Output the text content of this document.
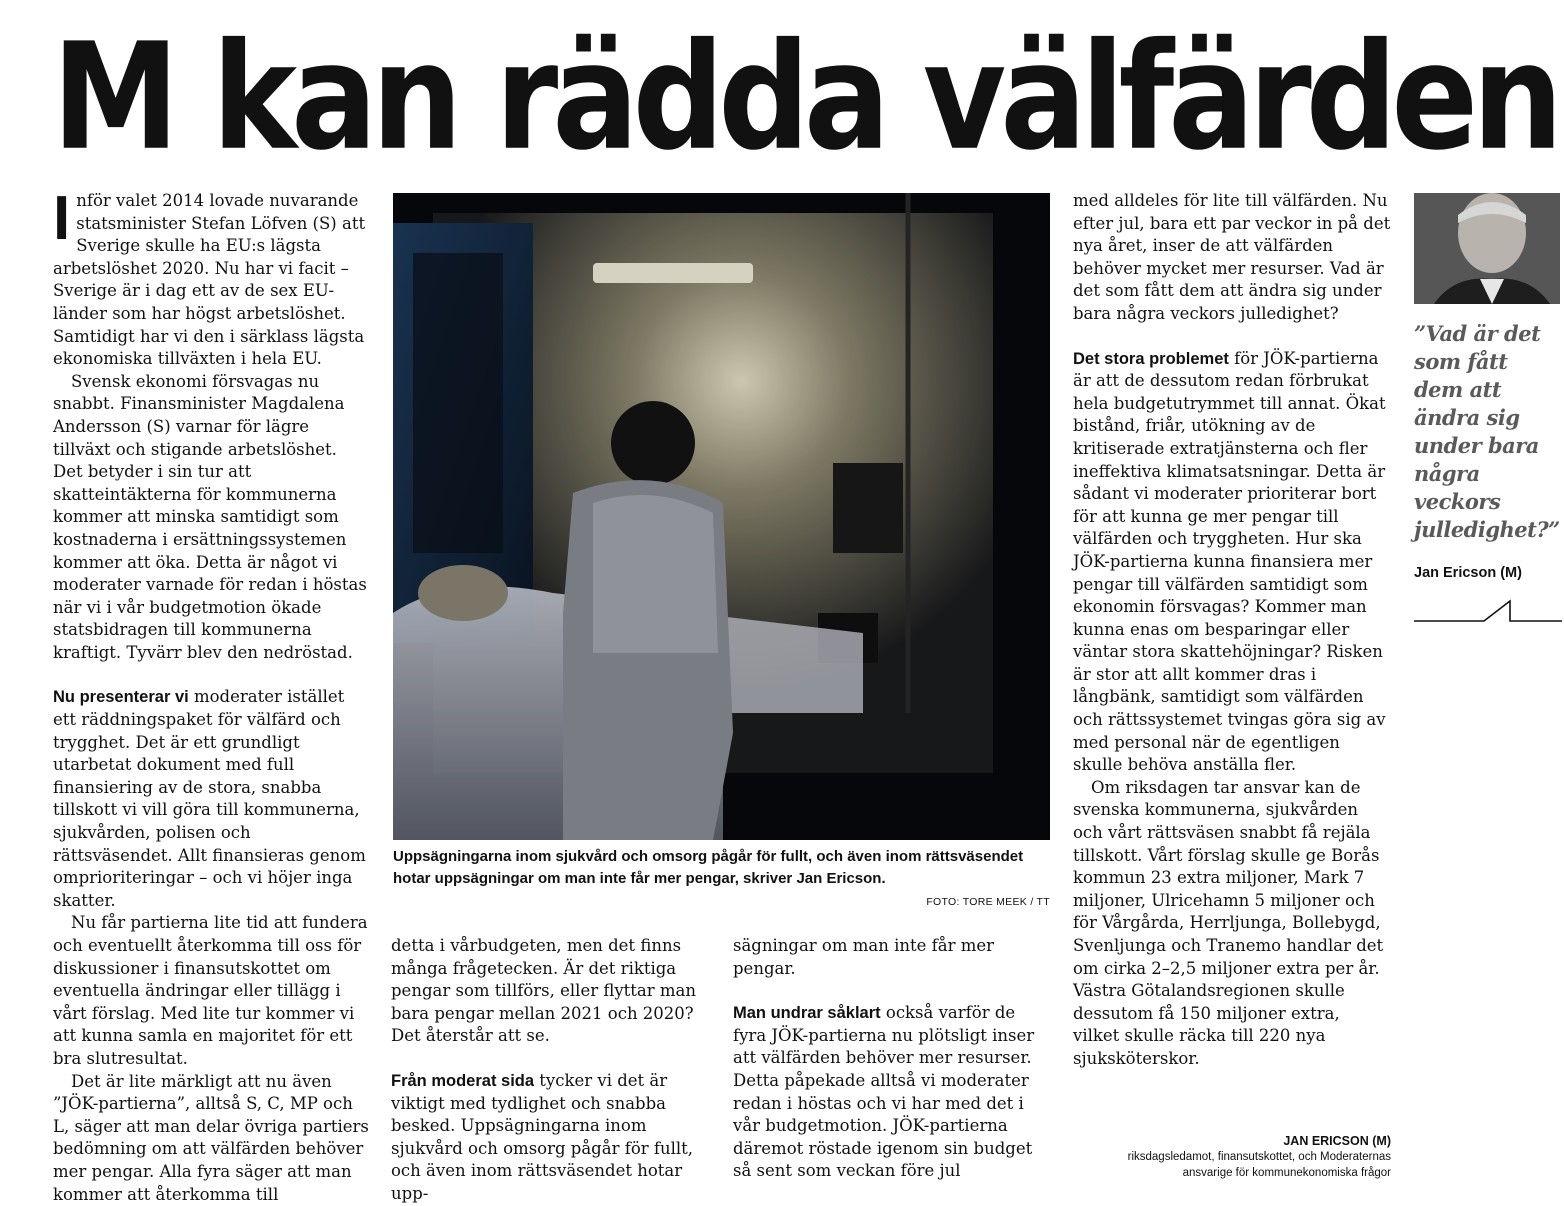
M kan rädda välfärden

Inför valet 2014 lovade nuvarande statsminister Stefan Löfven (S) att Sverige skulle ha EU:s lägsta arbetslöshet 2020. Nu har vi facit – Sverige är i dag ett av de sex EU-länder som har högst arbetslöshet. Samtidigt har vi den i särklass lägsta ekonomiska tillväxten i hela EU.

Svensk ekonomi försvagas nu snabbt. Finansminister Magdalena Andersson (S) varnar för lägre tillväxt och stigande arbetslöshet. Det betyder i sin tur att skatteintäkterna för kommunerna kommer att minska samtidigt som kostnaderna i ersättningssystemen kommer att öka. Detta är något vi moderater varnade för redan i höstas när vi i vår budgetmotion ökade statsbidragen till kommunerna kraftigt. Tyvärr blev den nedröstad.

Nu presenterar vi moderater istället ett räddningspaket för välfärd och trygghet. Det är ett grundligt utarbetat dokument med full finansiering av de stora, snabba tillskott vi vill göra till kommunerna, sjukvården, polisen och rättsväsendet. Allt finansieras genom omprioriteringar – och vi höjer inga skatter.

Nu får partierna lite tid att fundera och eventuellt återkomma till oss för diskussioner i finansutskottet om eventuella ändringar eller tillägg i vårt förslag. Med lite tur kommer vi att kunna samla en majoritet för ett bra slutresultat.

Det är lite märkligt att nu även ”JÖK-partierna”, alltså S, C, MP och L, säger att man delar övriga partiers bedömning om att välfärden behöver mer pengar. Alla fyra säger att man kommer att återkomma till

Uppsägningarna inom sjukvård och omsorg pågår för fullt, och även inom rättsväsendet hotar uppsägningar om man inte får mer pengar, skriver Jan Ericson.
FOTO: TORE MEEK / TT

detta i vårbudgeten, men det finns många frågetecken. Är det riktiga pengar som tillförs, eller flyttar man bara pengar mellan 2021 och 2020? Det återstår att se.

Från moderat sida tycker vi det är viktigt med tydlighet och snabba besked. Uppsägningarna inom sjukvård och omsorg pågår för fullt, och även inom rättsväsendet hotar upp-

sägningar om man inte får mer pengar.

Man undrar såklart också varför de fyra JÖK-partierna nu plötsligt inser att välfärden behöver mer resurser. Detta påpekade alltså vi moderater redan i höstas och vi har med det i vår budgetmotion. JÖK-partierna däremot röstade igenom sin budget så sent som veckan före jul

med alldeles för lite till välfärden. Nu efter jul, bara ett par veckor in på det nya året, inser de att välfärden behöver mycket mer resurser. Vad är det som fått dem att ändra sig under bara några veckors julledighet?

Det stora problemet för JÖK-partierna är att de dessutom redan förbrukat hela budgetutrymmet till annat. Ökat bistånd, friår, utökning av de kritiserade extratjänsterna och fler ineffektiva klimatsatsningar. Detta är sådant vi moderater prioriterar bort för att kunna ge mer pengar till välfärden och tryggheten. Hur ska JÖK-partierna kunna finansiera mer pengar till välfärden samtidigt som ekonomin försvagas? Kommer man kunna enas om besparingar eller väntar stora skattehöjningar? Risken är stor att allt kommer dras i långbänk, samtidigt som välfärden och rättssystemet tvingas göra sig av med personal när de egentligen skulle behöva anställa fler.

Om riksdagen tar ansvar kan de svenska kommunerna, sjukvården och vårt rättsväsen snabbt få rejäla tillskott. Vårt förslag skulle ge Borås kommun 23 extra miljoner, Mark 7 miljoner, Ulricehamn 5 miljoner och för Vårgårda, Herrljunga, Bollebygd, Svenljunga och Tranemo handlar det om cirka 2–2,5 miljoner extra per år. Västra Götalandsregionen skulle dessutom få 150 miljoner extra, vilket skulle räcka till 220 nya sjuksköterskor.

JAN ERICSON (M)
riksdagsledamot, finansutskottet, och Moderaternas
ansvarige för kommunekonomiska frågor
”Vad är det som fått dem att ändra sig under bara några veckors julledighet?”
Jan Ericson (M)
